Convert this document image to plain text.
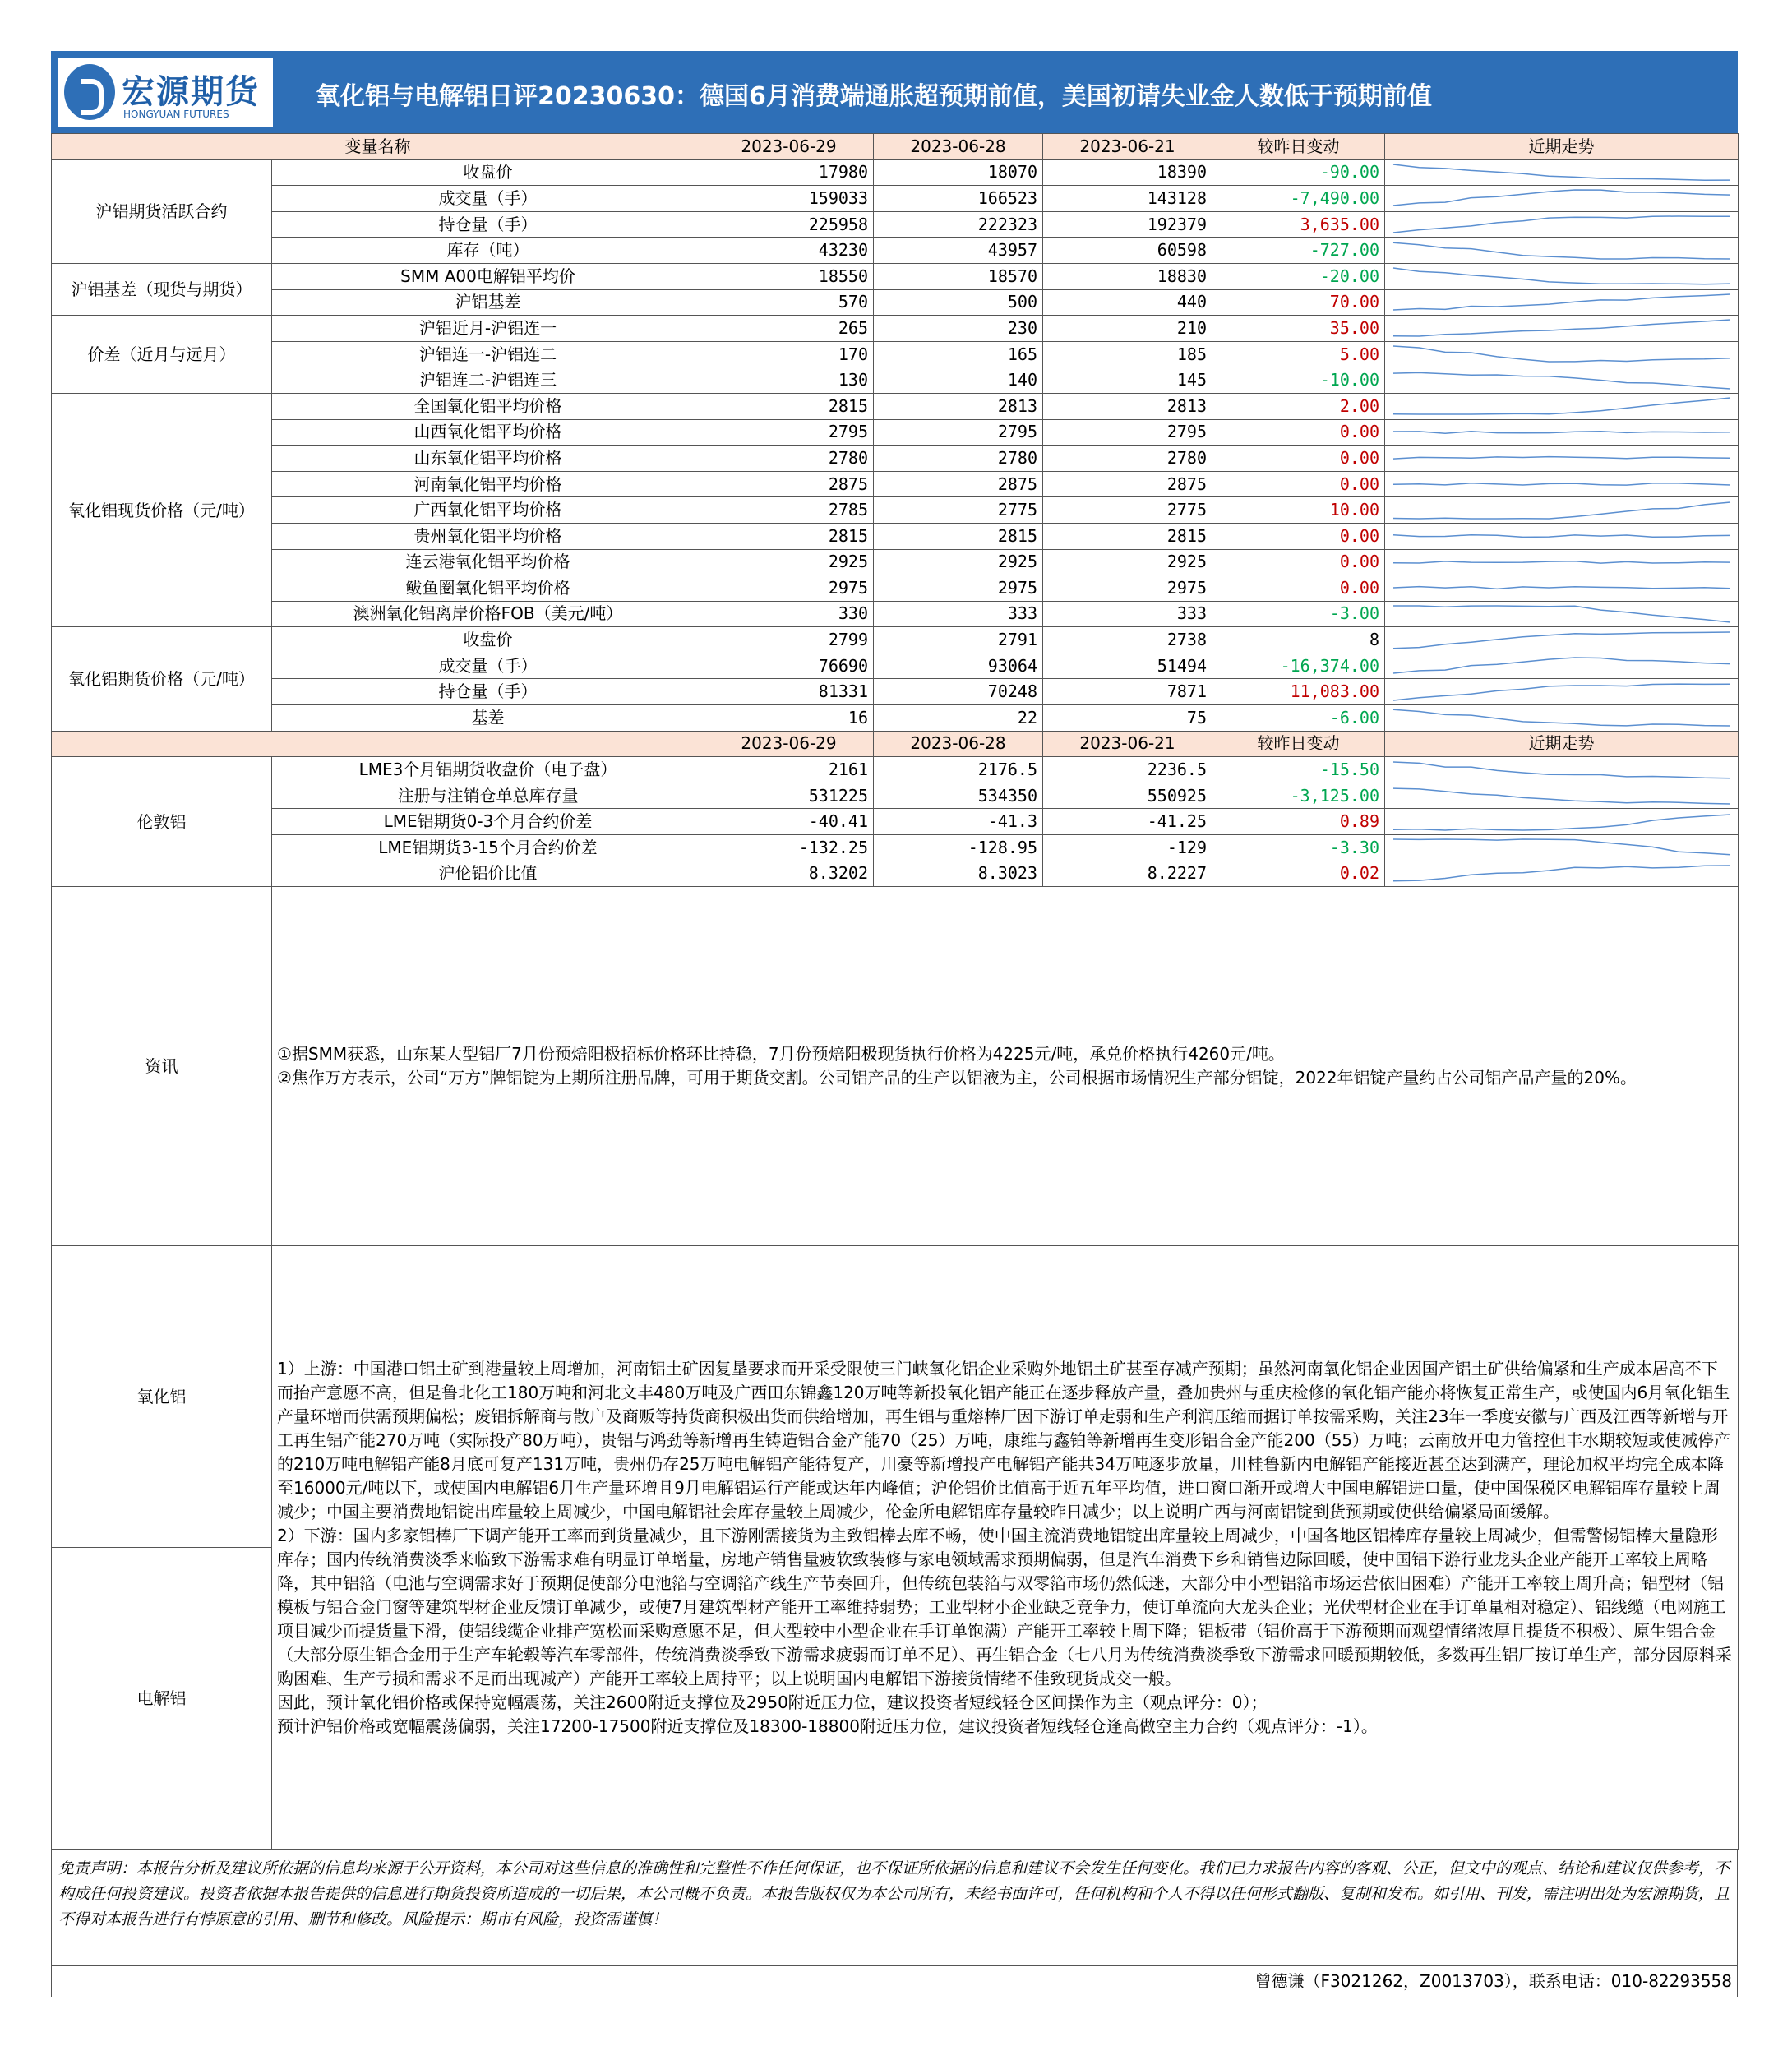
宏源期货
HONGYUAN FUTURES
氧化铝与电解铝日评20230630：德国6月消费端通胀超预期前值，美国初请失业金人数低于预期前值
变量名称		2023-06-29	2023-06-28	2023-06-21	较昨日变动	近期走势
沪铝期货活跃合约	收盘价	17980	18070	18390	-90.00	

	成交量（手）	159033	166523	143128	-7,490.00	

	持仓量（手）	225958	222323	192379	3,635.00	

	库存（吨）	43230	43957	60598	-727.00	

沪铝基差（现货与期货）	SMM A00电解铝平均价	18550	18570	18830	-20.00	

	沪铝基差	570	500	440	70.00	

价差（近月与远月）	沪铝近月-沪铝连一	265	230	210	35.00	

	沪铝连一-沪铝连二	170	165	185	5.00	

	沪铝连二-沪铝连三	130	140	145	-10.00	

氧化铝现货价格（元/吨）	全国氧化铝平均价格	2815	2813	2813	2.00	

	山西氧化铝平均价格	2795	2795	2795	0.00	

	山东氧化铝平均价格	2780	2780	2780	0.00	

	河南氧化铝平均价格	2875	2875	2875	0.00	

	广西氧化铝平均价格	2785	2775	2775	10.00	

	贵州氧化铝平均价格	2815	2815	2815	0.00	

	连云港氧化铝平均价格	2925	2925	2925	0.00	

	鲅鱼圈氧化铝平均价格	2975	2975	2975	0.00	

	澳洲氧化铝离岸价格FOB（美元/吨）	330	333	333	-3.00	

氧化铝期货价格（元/吨）	收盘价	2799	2791	2738	8	

	成交量（手）	76690	93064	51494	-16,374.00	

	持仓量（手）	81331	70248	7871	11,083.00	

	基差	16	22	75	-6.00	

		2023-06-29	2023-06-28	2023-06-21	较昨日变动	近期走势
伦敦铝	LME3个月铝期货收盘价（电子盘）	2161	2176.5	2236.5	-15.50	

	注册与注销仓单总库存量	531225	534350	550925	-3,125.00	

	LME铝期货0-3个月合约价差	-40.41	-41.3	-41.25	0.89	

	LME铝期货3-15个月合约价差	-132.25	-128.95	-129	-3.30	

	沪伦铝价比值	8.3202	8.3023	8.2227	0.02	

资讯	①据SMM获悉，山东某大型铝厂7月份预焙阳极招标价格环比持稳，7月份预焙阳极现货执行价格为4225元/吨，承兑价格执行4260元/吨。
②焦作万方表示，公司“万方”牌铝锭为上期所注册品牌，可用于期货交割。公司铝产品的生产以铝液为主，公司根据市场情况生产部分铝锭，2022年铝锭产量约占公司铝产品产量的20%。					
氧化铝	1）上游：中国港口铝土矿到港量较上周增加，河南铝土矿因复垦要求而开采受限使三门峡氧化铝企业采购外地铝土矿甚至存减产预期；虽然河南氧化铝企业因国产铝土矿供给偏紧和生产成本居高不下而抬产意愿不高，但是鲁北化工180万吨和河北文丰480万吨及广西田东锦鑫120万吨等新投氧化铝产能正在逐步释放产量，叠加贵州与重庆检修的氧化铝产能亦将恢复正常生产，或使国内6月氧化铝生产量环增而供需预期偏松；废铝拆解商与散户及商贩等持货商积极出货而供给增加，再生铝与重熔棒厂因下游订单走弱和生产利润压缩而据订单按需采购，关注23年一季度安徽与广西及江西等新增与开工再生铝产能270万吨（实际投产80万吨），贵铝与鸿劲等新增再生铸造铝合金产能70（25）万吨，康维与鑫铂等新增再生变形铝合金产能200（55）万吨；云南放开电力管控但丰水期较短或使减停产的210万吨电解铝产能8月底可复产131万吨，贵州仍存25万吨电解铝产能待复产，川豪等新增投产电解铝产能共34万吨逐步放量，川桂鲁新内电解铝产能接近甚至达到满产，理论加权平均完全成本降至16000元/吨以下，或使国内电解铝6月生产量环增且9月电解铝运行产能或达年内峰值；沪伦铝价比值高于近五年平均值，进口窗口渐开或增大中国电解铝进口量，使中国保税区电解铝库存量较上周减少；中国主要消费地铝锭出库量较上周减少，中国电解铝社会库存量较上周减少，伦金所电解铝库存量较昨日减少；以上说明广西与河南铝锭到货预期或使供给偏紧局面缓解。
2）下游：国内多家铝棒厂下调产能开工率而到货量减少，且下游刚需接货为主致铝棒去库不畅，使中国主流消费地铝锭出库量较上周减少，中国各地区铝棒库存量较上周减少，但需警惕铝棒大量隐形库存；国内传统消费淡季来临致下游需求难有明显订单增量，房地产销售量疲软致装修与家电领域需求预期偏弱，但是汽车消费下乡和销售边际回暖，使中国铝下游行业龙头企业产能开工率较上周略降，其中铝箔（电池与空调需求好于预期促使部分电池箔与空调箔产线生产节奏回升，但传统包装箔与双零箔市场仍然低迷，大部分中小型铝箔市场运营依旧困难）产能开工率较上周升高；铝型材（铝模板与铝合金门窗等建筑型材企业反馈订单减少，或使7月建筑型材产能开工率维持弱势；工业型材小企业缺乏竞争力，使订单流向大龙头企业；光伏型材企业在手订单量相对稳定）、铝线缆（电网施工项目减少而提货量下滑，使铝线缆企业排产宽松而采购意愿不足，但大型较中小型企业在手订单饱满）产能开工率较上周下降；铝板带（铝价高于下游预期而观望情绪浓厚且提货不积极）、原生铝合金（大部分原生铝合金用于生产车轮毂等汽车零部件，传统消费淡季致下游需求疲弱而订单不足）、再生铝合金（七八月为传统消费淡季致下游需求回暖预期较低，多数再生铝厂按订单生产，部分因原料采购困难、生产亏损和需求不足而出现减产）产能开工率较上周持平；以上说明国内电解铝下游接货情绪不佳致现货成交一般。
因此，预计氧化铝价格或保持宽幅震荡，关注2600附近支撑位及2950附近压力位，建议投资者短线轻仓区间操作为主（观点评分：0）；
预计沪铝价格或宽幅震荡偏弱，关注17200-17500附近支撑位及18300-18800附近压力位，建议投资者短线轻仓逢高做空主力合约（观点评分：-1）。					
电解铝						
免责声明：本报告分析及建议所依据的信息均来源于公开资料，本公司对这些信息的准确性和完整性不作任何保证，也不保证所依据的信息和建议不会发生任何变化。我们已力求报告内容的客观、公正，但文中的观点、结论和建议仅供参考，不构成任何投资建议。投资者依据本报告提供的信息进行期货投资所造成的一切后果，本公司概不负责。本报告版权仅为本公司所有，未经书面许可，任何机构和个人不得以任何形式翻版、复制和发布。如引用、刊发，需注明出处为宏源期货，且不得对本报告进行有悖原意的引用、删节和修改。风险提示：期市有风险，投资需谨慎！
曾德谦（F3021262，Z0013703），联系电话：010-82293558
